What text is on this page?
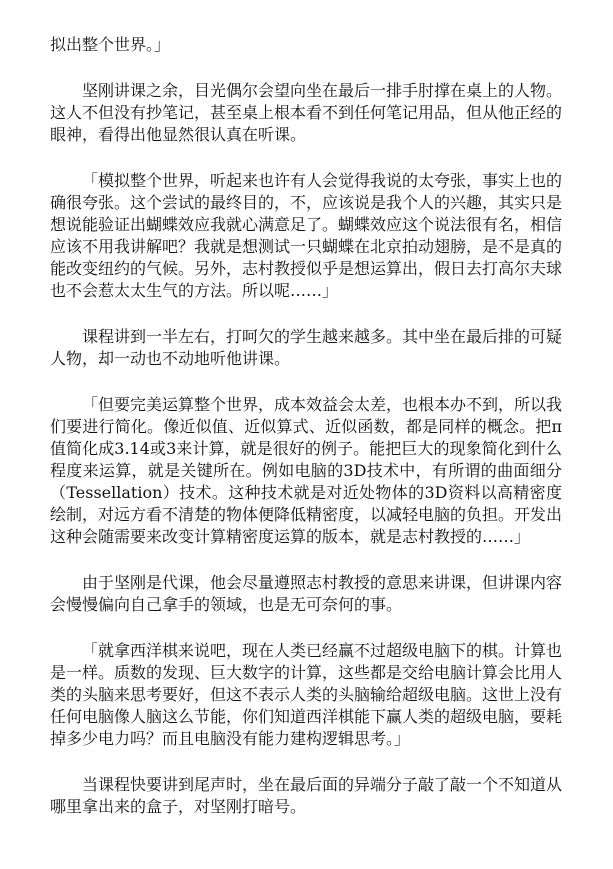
拟出整个世界。」

坚刚讲课之余，目光偶尔会望向坐在最后一排手肘撑在桌上的人物。这人不但没有抄笔记，甚至桌上根本看不到任何笔记用品，但从他正经的眼神，看得出他显然很认真在听课。

「模拟整个世界，听起来也许有人会觉得我说的太夸张，事实上也的确很夸张。这个尝试的最终目的，不，应该说是我个人的兴趣，其实只是想说能验证出蝴蝶效应我就心满意足了。蝴蝶效应这个说法很有名，相信应该不用我讲解吧？我就是想测试一只蝴蝶在北京拍动翅膀，是不是真的能改变纽约的气候。另外，志村教授似乎是想运算出，假日去打高尔夫球也不会惹太太生气的方法。所以呢……」

课程讲到一半左右，打呵欠的学生越来越多。其中坐在最后排的可疑人物，却一动也不动地听他讲课。

「但要完美运算整个世界，成本效益会太差，也根本办不到，所以我们要进行简化。像近似值、近似算式、近似函数，都是同样的概念。把π值简化成3.14或3来计算，就是很好的例子。能把巨大的现象简化到什么程度来运算，就是关键所在。例如电脑的3D技术中，有所谓的曲面细分（Tessellation）技术。这种技术就是对近处物体的3D资料以高精密度绘制，对远方看不清楚的物体便降低精密度，以减轻电脑的负担。开发出这种会随需要来改变计算精密度运算的版本，就是志村教授的……」

由于坚刚是代课，他会尽量遵照志村教授的意思来讲课，但讲课内容会慢慢偏向自己拿手的领域，也是无可奈何的事。

「就拿西洋棋来说吧，现在人类已经赢不过超级电脑下的棋。计算也是一样。质数的发现、巨大数字的计算，这些都是交给电脑计算会比用人类的头脑来思考要好，但这不表示人类的头脑输给超级电脑。这世上没有任何电脑像人脑这么节能，你们知道西洋棋能下赢人类的超级电脑，要耗掉多少电力吗？而且电脑没有能力建构逻辑思考。」

当课程快要讲到尾声时，坐在最后面的异端分子敲了敲一个不知道从哪里拿出来的盒子，对坚刚打暗号。
